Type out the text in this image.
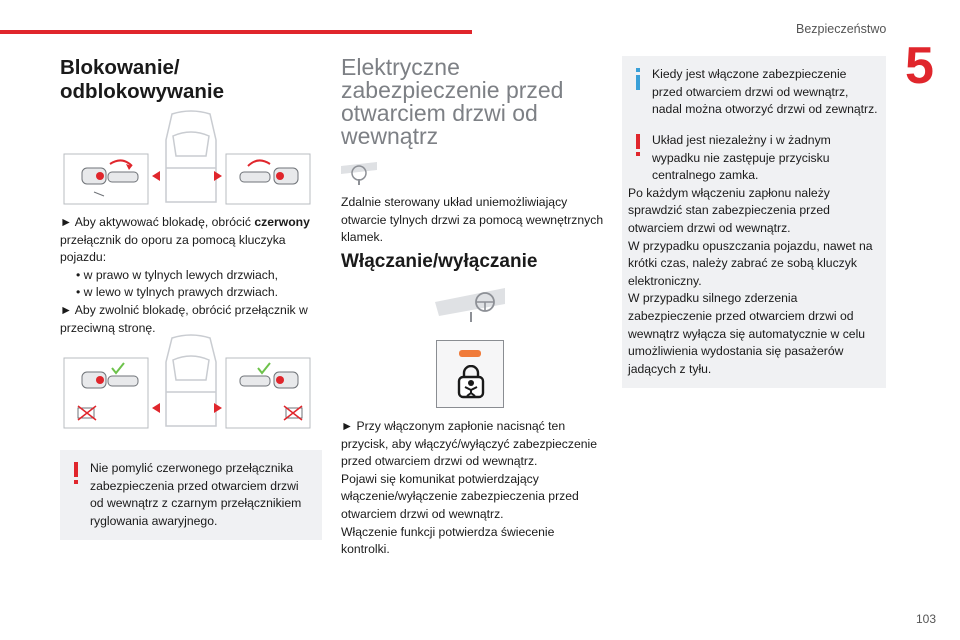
Bezpieczeństwo
5
103
Blokowanie/
odblokowywanie

► Aby aktywować blokadę, obrócić czerwony przełącznik do oporu za pomocą kluczyka pojazdu:

• w prawo w tylnych lewych drzwiach,

• w lewo w tylnych prawych drzwiach.

► Aby zwolnić blokadę, obrócić przełącznik w przeciwną stronę.

Nie pomylić czerwonego przełącznika zabezpieczenia przed otwarciem drzwi od wewnątrz z czarnym przełącznikiem ryglowania awaryjnego.

Elektryczne
zabezpieczenie przed
otwarciem drzwi od
wewnątrz

Zdalnie sterowany układ uniemożliwiający otwarcie tylnych drzwi za pomocą wewnętrznych klamek.

Włączanie/wyłączanie

► Przy włączonym zapłonie nacisnąć ten przycisk, aby włączyć/wyłączyć zabezpieczenie przed otwarciem drzwi od wewnątrz.

Pojawi się komunikat potwierdzający włączenie/wyłączenie zabezpieczenia przed otwarciem drzwi od wewnątrz.

Włączenie funkcji potwierdza świecenie kontrolki.

Kiedy jest włączone zabezpieczenie przed otwarciem drzwi od wewnątrz, nadal można otworzyć drzwi od zewnątrz.

Układ jest niezależny i w żadnym wypadku nie zastępuje przycisku centralnego zamka.

Po każdym włączeniu zapłonu należy sprawdzić stan zabezpieczenia przed otwarciem drzwi od wewnątrz.

W przypadku opuszczania pojazdu, nawet na krótki czas, należy zabrać ze sobą kluczyk elektroniczny.

W przypadku silnego zderzenia zabezpieczenie przed otwarciem drzwi od wewnątrz wyłącza się automatycznie w celu umożliwienia wydostania się pasażerów jadących z tyłu.
